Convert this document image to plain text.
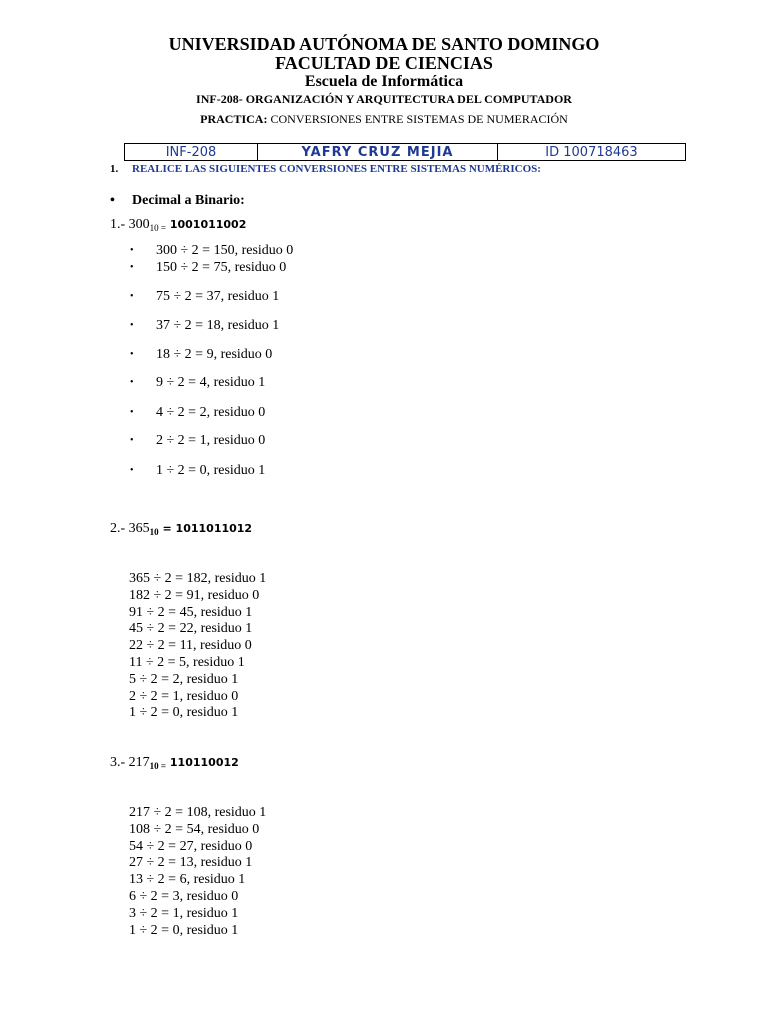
UNIVERSIDAD AUTÓNOMA DE SANTO DOMINGO
FACULTAD DE CIENCIAS
Escuela de Informática
INF-208- ORGANIZACIÓN Y ARQUITECTURA DEL COMPUTADOR
PRACTICA: CONVERSIONES ENTRE SISTEMAS DE NUMERACIÓN
INF-208	YAFRY CRUZ MEJIA	ID 100718463
1. REALICE LAS SIGUIENTES CONVERSIONES ENTRE SISTEMAS NUMÉRICOS:
• Decimal a Binario:
1.- $300_{10 =}$ 1001011002
• 300 ÷ 2 = 150, residuo 0
• 150 ÷ 2 = 75, residuo 0
• 75 ÷ 2 = 37, residuo 1
• 37 ÷ 2 = 18, residuo 1
• 18 ÷ 2 = 9, residuo 0
• 9 ÷ 2 = 4, residuo 1
• 4 ÷ 2 = 2, residuo 0
• 2 ÷ 2 = 1, residuo 0
• 1 ÷ 2 = 0, residuo 1
2.- $365_{10} = 1011011012$
365 ÷ 2 = 182, residuo 1
182 ÷ 2 = 91, residuo 0
91 ÷ 2 = 45, residuo 1
45 ÷ 2 = 22, residuo 1
22 ÷ 2 = 11, residuo 0
11 ÷ 2 = 5, residuo 1
5 ÷ 2 = 2, residuo 1
2 ÷ 2 = 1, residuo 0
1 ÷ 2 = 0, residuo 1
3.- $217_{10 =}$ 110110012
217 ÷ 2 = 108, residuo 1
108 ÷ 2 = 54, residuo 0
54 ÷ 2 = 27, residuo 0
27 ÷ 2 = 13, residuo 1
13 ÷ 2 = 6, residuo 1
6 ÷ 2 = 3, residuo 0
3 ÷ 2 = 1, residuo 1
1 ÷ 2 = 0, residuo 1
